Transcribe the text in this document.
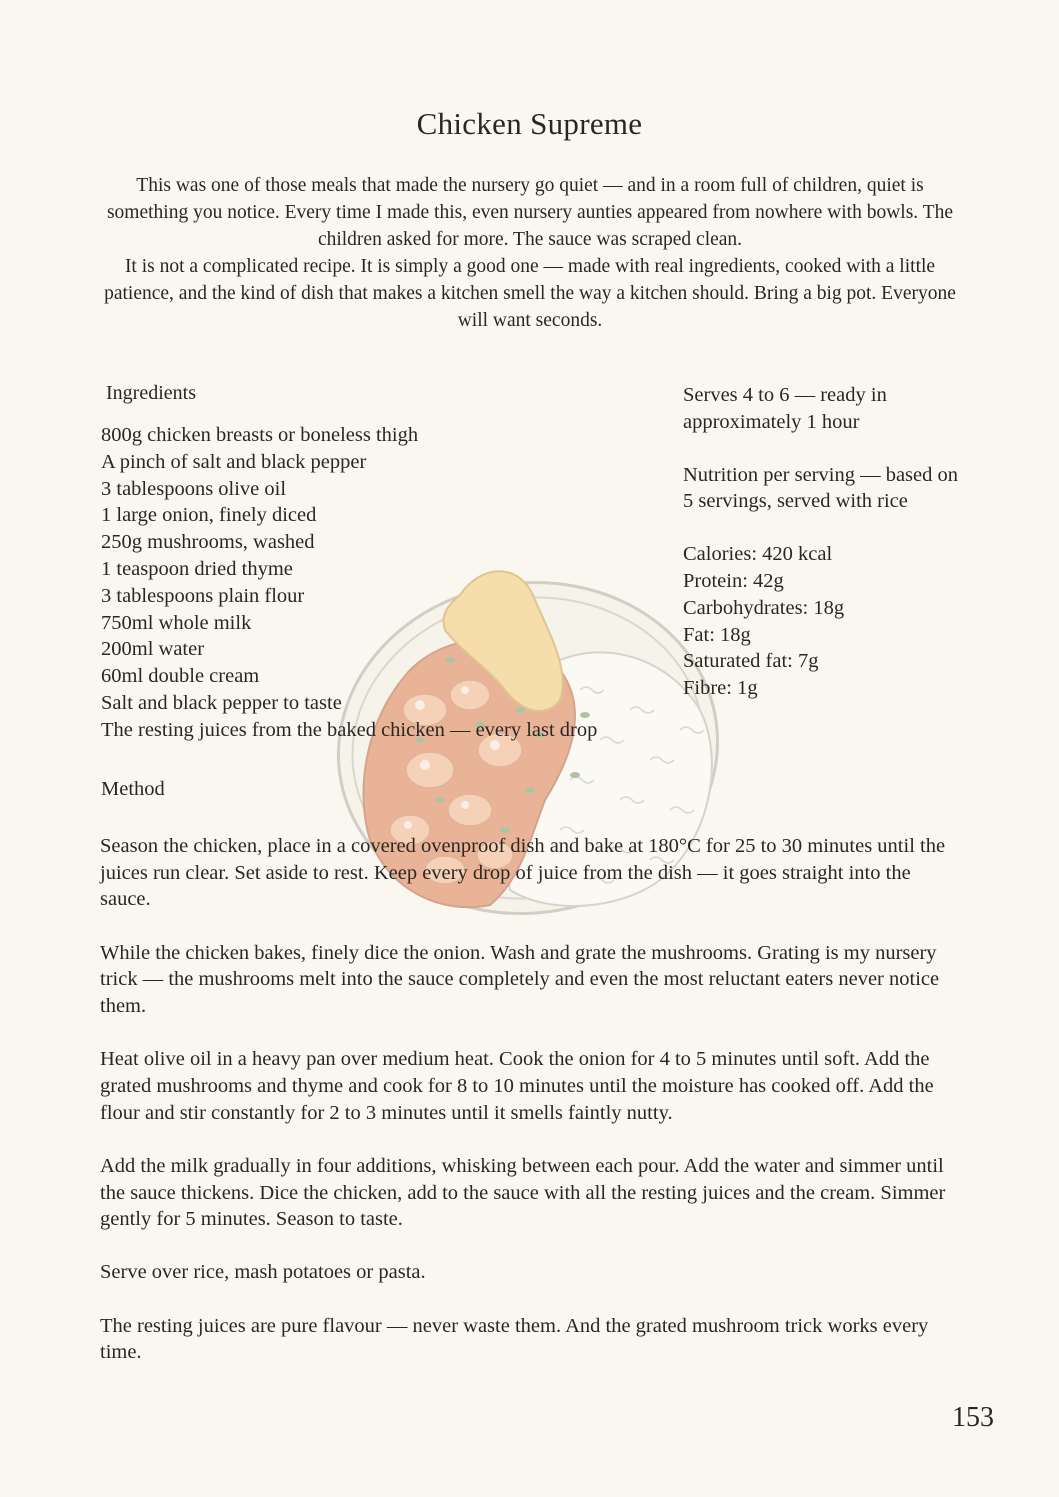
Chicken Supreme

This was one of those meals that made the nursery go quiet — and in a room full of children, quiet is something you notice. Every time I made this, even nursery aunties appeared from nowhere with bowls. The children asked for more. The sauce was scraped clean.

It is not a complicated recipe. It is simply a good one — made with real ingredients, cooked with a little patience, and the kind of dish that makes a kitchen smell the way a kitchen should. Bring a big pot. Everyone will want seconds.

Ingredients
800g chicken breasts or boneless thigh
A pinch of salt and black pepper
3 tablespoons olive oil
1 large onion, finely diced
250g mushrooms, washed
1 teaspoon dried thyme
3 tablespoons plain flour
750ml whole milk
200ml water
60ml double cream
Salt and black pepper to taste
The resting juices from the baked chicken — every last drop

Serves 4 to 6 — ready in approximately 1 hour

Nutrition per serving — based on 5 servings, served with rice

Calories: 420 kcal
Protein: 42g
Carbohydrates: 18g
Fat: 18g
Saturated fat: 7g
Fibre: 1g
Method

Season the chicken, place in a covered ovenproof dish and bake at 180°C for 25 to 30 minutes until the juices run clear. Set aside to rest. Keep every drop of juice from the dish — it goes straight into the sauce.

While the chicken bakes, finely dice the onion. Wash and grate the mushrooms. Grating is my nursery trick — the mushrooms melt into the sauce completely and even the most reluctant eaters never notice them.

Heat olive oil in a heavy pan over medium heat. Cook the onion for 4 to 5 minutes until soft. Add the grated mushrooms and thyme and cook for 8 to 10 minutes until the moisture has cooked off. Add the flour and stir constantly for 2 to 3 minutes until it smells faintly nutty.

Add the milk gradually in four additions, whisking between each pour. Add the water and simmer until the sauce thickens. Dice the chicken, add to the sauce with all the resting juices and the cream. Simmer gently for 5 minutes. Season to taste.

Serve over rice, mash potatoes or pasta.

The resting juices are pure flavour — never waste them. And the grated mushroom trick works every time.

153
